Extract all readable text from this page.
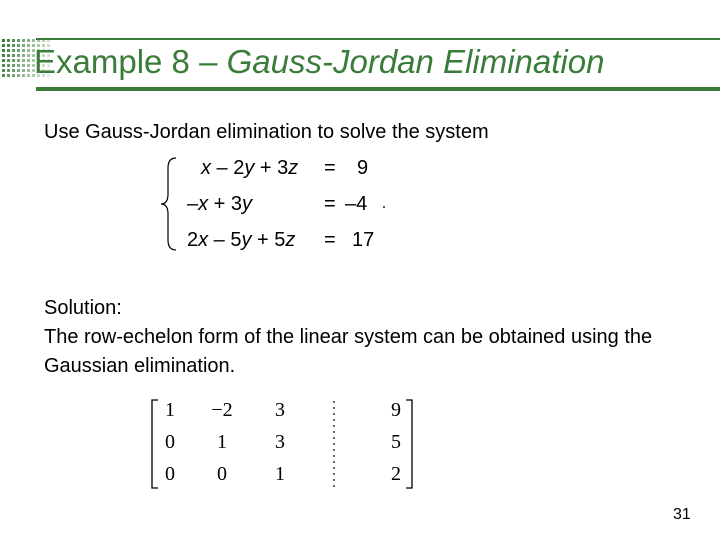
Example 8 – Gauss-Jordan Elimination
Use Gauss-Jordan elimination to solve the system
x – 2y + 3z = 9
–x + 3y	= –4
2x – 5y + 5z = 17
Solution:
The row-echelon form of the linear system can be obtained using the Gaussian elimination.
1 −2 3	9
0 1 3	5
0 0 1	2
31
